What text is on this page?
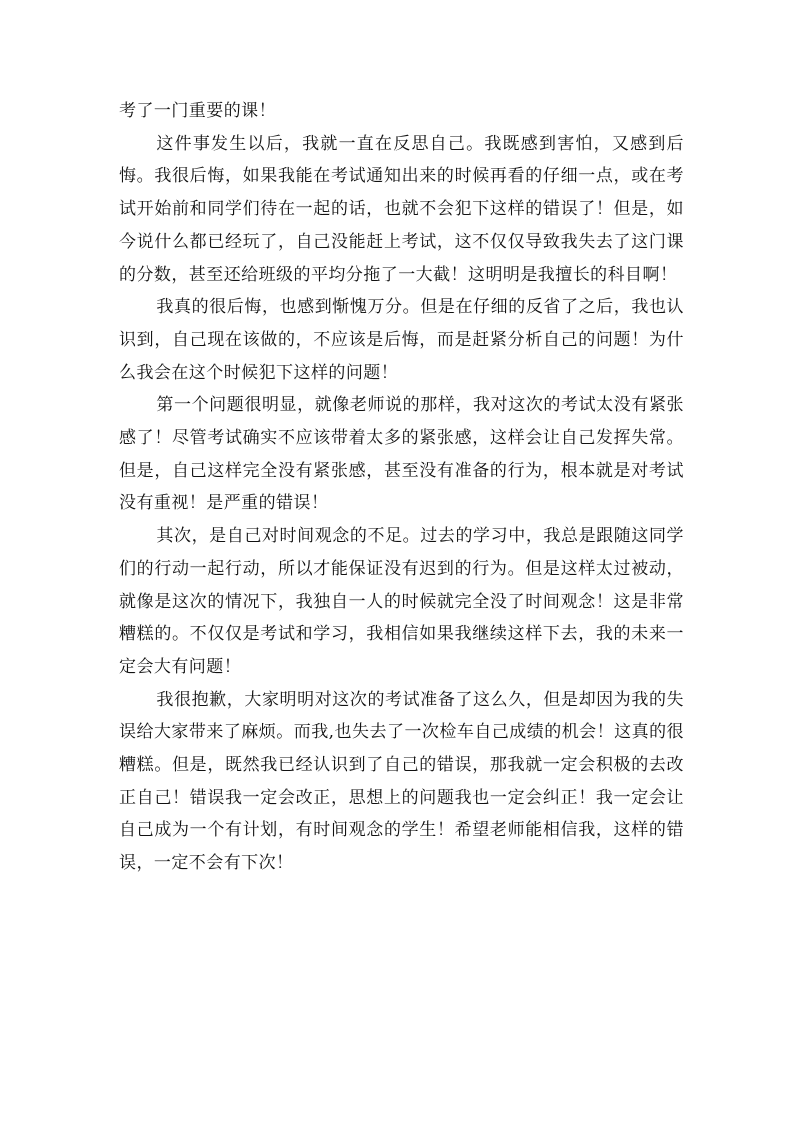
考了一门重要的课！

这件事发生以后，我就一直在反思自己。我既感到害怕，又感到后悔。我很后悔，如果我能在考试通知出来的时候再看的仔细一点，或在考试开始前和同学们待在一起的话，也就不会犯下这样的错误了！但是，如今说什么都已经玩了，自己没能赶上考试，这不仅仅导致我失去了这门课的分数，甚至还给班级的平均分拖了一大截！这明明是我擅长的科目啊！

我真的很后悔，也感到惭愧万分。但是在仔细的反省了之后，我也认识到，自己现在该做的，不应该是后悔，而是赶紧分析自己的问题！为什么我会在这个时候犯下这样的问题！

第一个问题很明显，就像老师说的那样，我对这次的考试太没有紧张感了！尽管考试确实不应该带着太多的紧张感，这样会让自己发挥失常。但是，自己这样完全没有紧张感，甚至没有准备的行为，根本就是对考试没有重视！是严重的错误！

其次，是自己对时间观念的不足。过去的学习中，我总是跟随这同学们的行动一起行动，所以才能保证没有迟到的行为。但是这样太过被动，就像是这次的情况下，我独自一人的时候就完全没了时间观念！这是非常糟糕的。不仅仅是考试和学习，我相信如果我继续这样下去，我的未来一定会大有问题！

我很抱歉，大家明明对这次的考试准备了这么久，但是却因为我的失误给大家带来了麻烦。而我,也失去了一次检车自己成绩的机会！这真的很糟糕。但是，既然我已经认识到了自己的错误，那我就一定会积极的去改正自己！错误我一定会改正，思想上的问题我也一定会纠正！我一定会让自己成为一个有计划，有时间观念的学生！希望老师能相信我，这样的错误，一定不会有下次！
